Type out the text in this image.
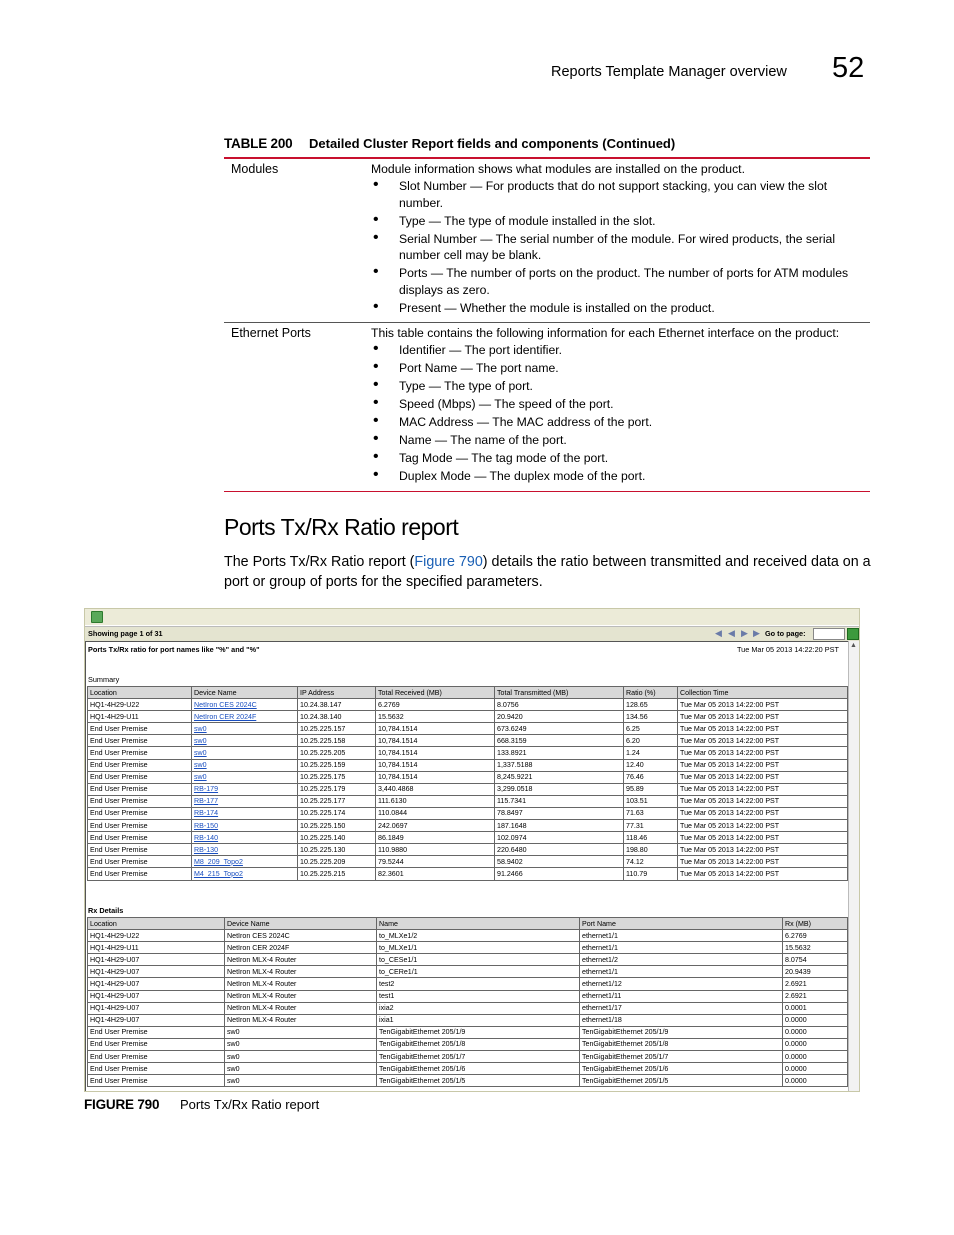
Reports Template Manager overview 52
TABLE 200 Detailed Cluster Report fields and components (Continued)
Modules	Module information shows what modules are installed on the product.
• Slot Number — For products that do not support stacking, you can view the slot number.
• Type — The type of module installed in the slot.
• Serial Number — The serial number of the module. For wired products, the serial number cell may be blank.
• Ports — The number of ports on the product. The number of ports for ATM modules displays as zero.
• Present — Whether the module is installed on the product.
Ethernet Ports	This table contains the following information for each Ethernet interface on the product:
• Identifier — The port identifier.
• Port Name — The port name.
• Type — The type of port.
• Speed (Mbps) — The speed of the port.
• MAC Address — The MAC address of the port.
• Name — The name of the port.
• Tag Mode — The tag mode of the port.
• Duplex Mode — The duplex mode of the port.
Ports Tx/Rx Ratio report
The Ports Tx/Rx Ratio report (Figure 790) details the ratio between transmitted and received data on a port or group of ports for the specified parameters.
Showing page 1 of 31	◀ ◀ ▶ ▶ Go to page:
Ports Tx/Rx ratio for port names like "%" and "%"	Tue Mar 05 2013 14:22:20 PST
Summary
Location	Device Name	IP Address	Total Received (MB)	Total Transmitted (MB)	Ratio (%)	Collection Time
HQ1-4H29-U22	NetIron CES 2024C	10.24.38.147	6.2769	8.0756	128.65	Tue Mar 05 2013 14:22:00 PST
HQ1-4H29-U11	NetIron CER 2024F	10.24.38.140	15.5632	20.9420	134.56	Tue Mar 05 2013 14:22:00 PST
End User Premise	sw0	10.25.225.157	10,784.1514	673.6249	6.25	Tue Mar 05 2013 14:22:00 PST
End User Premise	sw0	10.25.225.158	10,784.1514	668.3159	6.20	Tue Mar 05 2013 14:22:00 PST
End User Premise	sw0	10.25.225.205	10,784.1514	133.8921	1.24	Tue Mar 05 2013 14:22:00 PST
End User Premise	sw0	10.25.225.159	10,784.1514	1,337.5188	12.40	Tue Mar 05 2013 14:22:00 PST
End User Premise	sw0	10.25.225.175	10,784.1514	8,245.9221	76.46	Tue Mar 05 2013 14:22:00 PST
End User Premise	RB-179	10.25.225.179	3,440.4868	3,299.0518	95.89	Tue Mar 05 2013 14:22:00 PST
End User Premise	RB-177	10.25.225.177	111.6130	115.7341	103.51	Tue Mar 05 2013 14:22:00 PST
End User Premise	RB-174	10.25.225.174	110.0844	78.8497	71.63	Tue Mar 05 2013 14:22:00 PST
End User Premise	RB-150	10.25.225.150	242.0697	187.1648	77.31	Tue Mar 05 2013 14:22:00 PST
End User Premise	RB-140	10.25.225.140	86.1849	102.0974	118.46	Tue Mar 05 2013 14:22:00 PST
End User Premise	RB-130	10.25.225.130	110.9880	220.6480	198.80	Tue Mar 05 2013 14:22:00 PST
End User Premise	M8_209_Topo2	10.25.225.209	79.5244	58.9402	74.12	Tue Mar 05 2013 14:22:00 PST
End User Premise	M4_215_Topo2	10.25.225.215	82.3601	91.2466	110.79	Tue Mar 05 2013 14:22:00 PST
Rx Details
Location	Device Name	Name	Port Name	Rx (MB)
HQ1-4H29-U22	NetIron CES 2024C	to_MLXe1/2	ethernet1/1	6.2769
HQ1-4H29-U11	NetIron CER 2024F	to_MLXe1/1	ethernet1/1	15.5632
HQ1-4H29-U07	NetIron MLX-4 Router	to_CESe1/1	ethernet1/2	8.0754
HQ1-4H29-U07	NetIron MLX-4 Router	to_CERe1/1	ethernet1/1	20.9439
HQ1-4H29-U07	NetIron MLX-4 Router	test2	ethernet1/12	2.6921
HQ1-4H29-U07	NetIron MLX-4 Router	test1	ethernet1/11	2.6921
HQ1-4H29-U07	NetIron MLX-4 Router	ixia2	ethernet1/17	0.0001
HQ1-4H29-U07	NetIron MLX-4 Router	ixia1	ethernet1/18	0.0000
End User Premise	sw0	TenGigabitEthernet 205/1/9	TenGigabitEthernet 205/1/9	0.0000
End User Premise	sw0	TenGigabitEthernet 205/1/8	TenGigabitEthernet 205/1/8	0.0000
End User Premise	sw0	TenGigabitEthernet 205/1/7	TenGigabitEthernet 205/1/7	0.0000
End User Premise	sw0	TenGigabitEthernet 205/1/6	TenGigabitEthernet 205/1/6	0.0000
End User Premise	sw0	TenGigabitEthernet 205/1/5	TenGigabitEthernet 205/1/5	0.0000
▲
FIGURE 790 Ports Tx/Rx Ratio report
